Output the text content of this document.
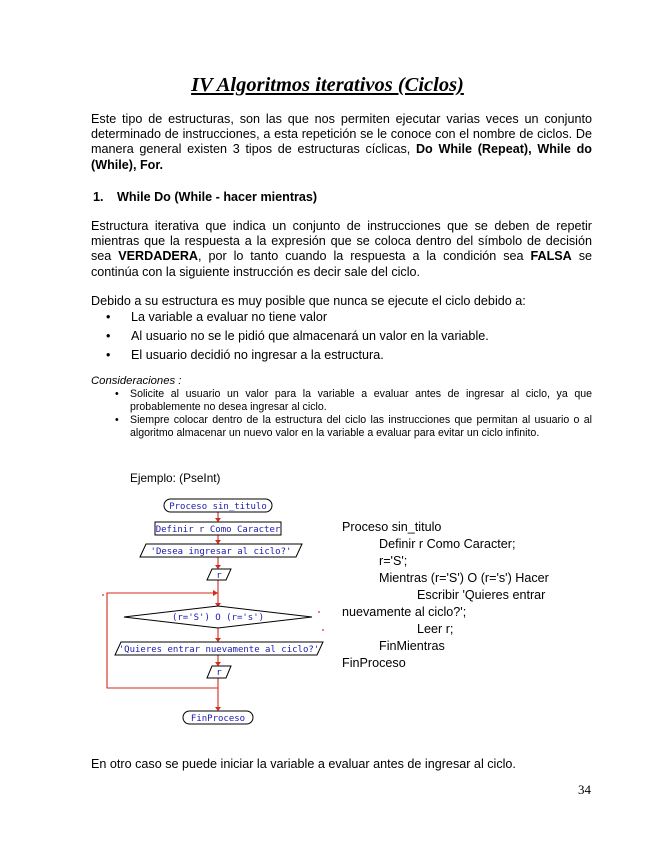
IV Algoritmos iterativos (Ciclos)

Este tipo de estructuras, son las que nos permiten ejecutar varias veces un conjunto determinado de instrucciones, a esta repetición se le conoce con el nombre de ciclos. De manera general existen 3 tipos de estructuras cíclicas, Do While (Repeat), While do (While), For.

1. While Do (While - hacer mientras)

Estructura iterativa que indica un conjunto de instrucciones que se deben de repetir mientras que la respuesta a la expresión que se coloca dentro del símbolo de decisión sea VERDADERA, por lo tanto cuando la respuesta a la condición sea FALSA se continúa con la siguiente instrucción es decir sale del ciclo.

Debido a su estructura es muy posible que nunca se ejecute el ciclo debido a:

• La variable a evaluar no tiene valor
• Al usuario no se le pidió que almacenará un valor en la variable.
• El usuario decidió no ingresar a la estructura.

Consideraciones :

• Solicite al usuario un valor para la variable a evaluar antes de ingresar al ciclo, ya que probablemente no desea ingresar al ciclo.
• Siempre colocar dentro de la estructura del ciclo las instrucciones que permitan al usuario o al algoritmo almacenar un nuevo valor en la variable a evaluar para evitar un ciclo infinito.

Ejemplo: (PseInt)

Proceso sin_titulo
Definir r Como Caracter
'Desea ingresar al ciclo?'
r
(r='S') O (r='s')
'Quieres entrar nuevamente al ciclo?'
r
FinProceso
Proceso sin_titulo
Definir r Como Caracter;
r='S';
Mientras (r='S') O (r='s') Hacer
Escribir 'Quieres entrar
nuevamente al ciclo?';
Leer r;
FinMientras
FinProceso

En otro caso se puede iniciar la variable a evaluar antes de ingresar al ciclo.

34
